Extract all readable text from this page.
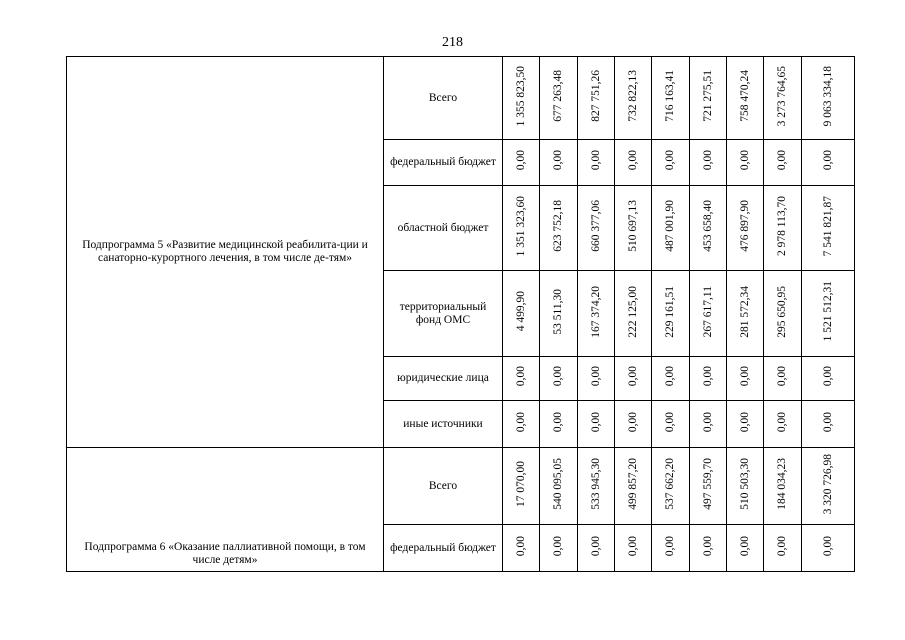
218
Подпрограмма 5 «Развитие медицинской реабилита-ции и санаторно-курортного лечения, в том числе де-тям»	Всего	1 355 823,50	677 263,48	827 751,26	732 822,13	716 163,41	721 275,51	758 470,24	3 273 764,65	9 063 334,18
	федеральный бюджет	0,00	0,00	0,00	0,00	0,00	0,00	0,00	0,00	0,00
	областной бюджет	1 351 323,60	623 752,18	660 377,06	510 697,13	487 001,90	453 658,40	476 897,90	2 978 113,70	7 541 821,87
	территориальный фонд ОМС	4 499,90	53 511,30	167 374,20	222 125,00	229 161,51	267 617,11	281 572,34	295 650,95	1 521 512,31
	юридические лица	0,00	0,00	0,00	0,00	0,00	0,00	0,00	0,00	0,00
	иные источники	0,00	0,00	0,00	0,00	0,00	0,00	0,00	0,00	0,00
Подпрограмма 6 «Оказание паллиативной помощи, в том числе детям»	Всего	17 070,00	540 095,05	533 945,30	499 857,20	537 662,20	497 559,70	510 503,30	184 034,23	3 320 726,98
	федеральный бюджет	0,00	0,00	0,00	0,00	0,00	0,00	0,00	0,00	0,00
